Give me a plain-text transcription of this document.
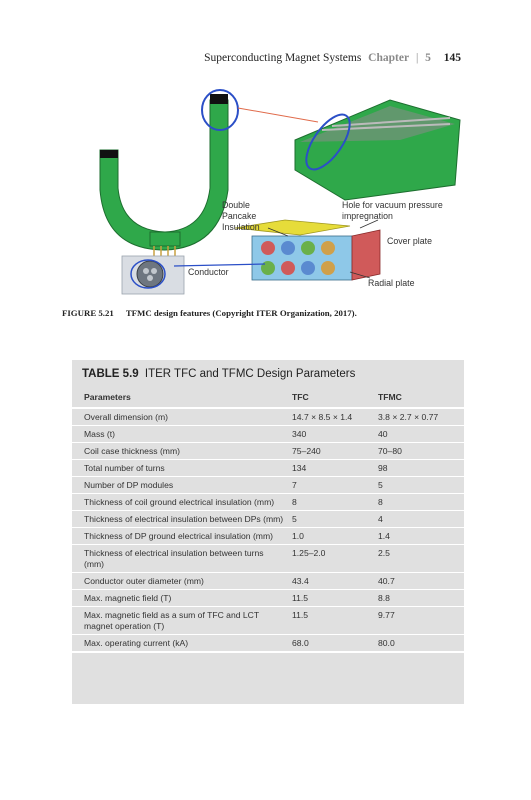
Superconducting Magnet Systems Chapter | 5 145
Double
Pancake
Insulation
Hole for vacuum pressure
impregnation
Cover plate
Conductor
Radial plate
FIGURE 5.21 TFMC design features (Copyright ITER Organization, 2017).
TABLE 5.9 ITER TFC and TFMC Design Parameters
Parameters	TFC	TFMC
Overall dimension (m)	14.7 × 8.5 × 1.4	3.8 × 2.7 × 0.77
Mass (t)	340	40
Coil case thickness (mm)	75–240	70–80
Total number of turns	134	98
Number of DP modules	7	5
Thickness of coil ground electrical insulation (mm)	8	8
Thickness of electrical insulation between DPs (mm)	5	4
Thickness of DP ground electrical insulation (mm)	1.0	1.4
Thickness of electrical insulation between turns (mm)	1.25–2.0	2.5
Conductor outer diameter (mm)	43.4	40.7
Max. magnetic field (T)	11.5	8.8
Max. magnetic field as a sum of TFC and LCT magnet operation (T)	11.5	9.77
Max. operating current (kA)	68.0	80.0
